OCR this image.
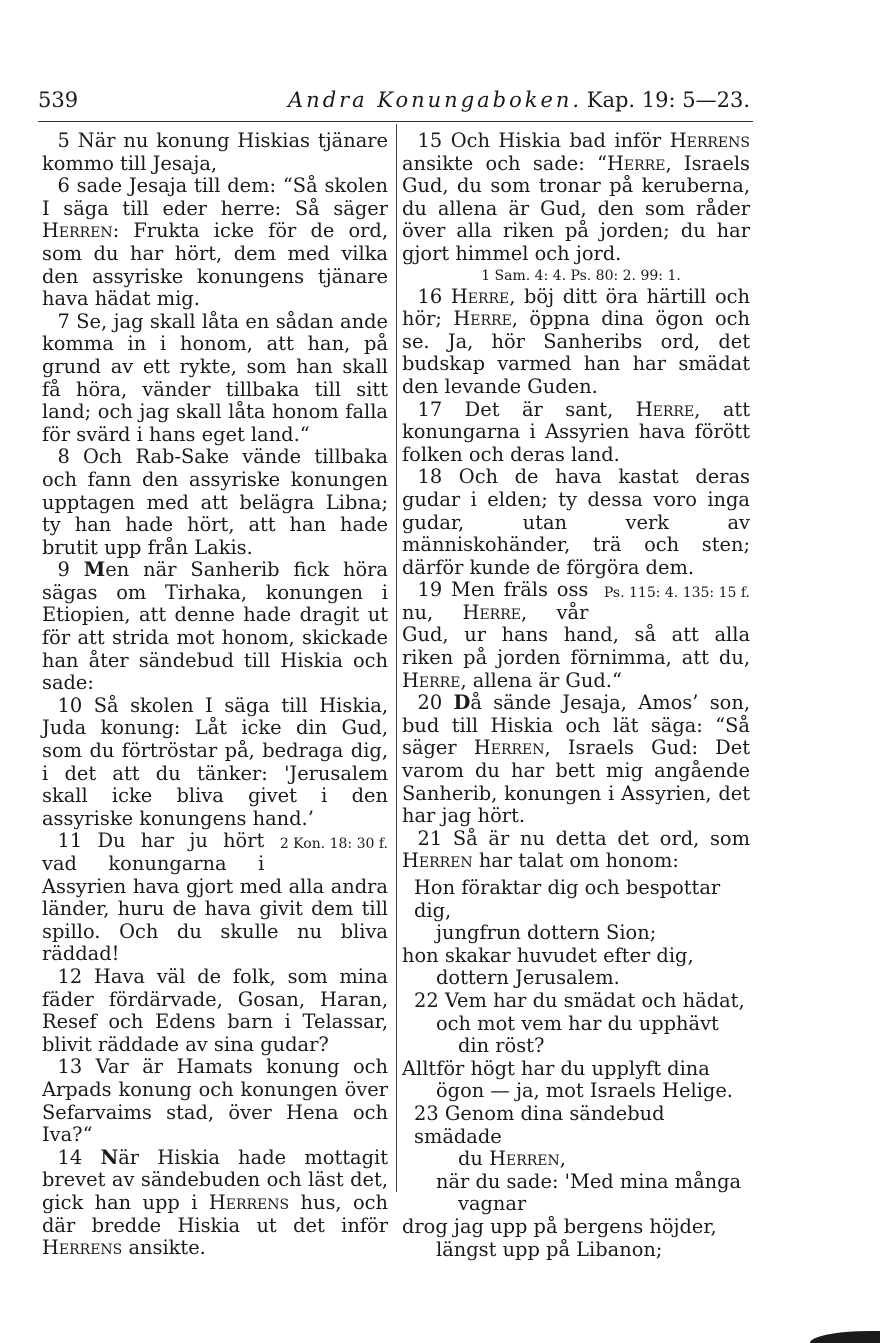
539	Andra Konungaboken. Kap. 19: 5—23.

5 När nu konung Hiskias tjänare kommo till Jesaja,

6 sade Jesaja till dem: “Så skolen I säga till eder herre: Så säger Herren: Frukta icke för de ord, som du har hört, dem med vilka den assyriske konungens tjänare hava hädat mig.

7 Se, jag skall låta en sådan ande komma in i honom, att han, på grund av ett rykte, som han skall få höra, vänder tillbaka till sitt land; och jag skall låta honom falla för svärd i hans eget land.“

8 Och Rab-Sake vände tillbaka och fann den assyriske konungen upptagen med att belägra Libna; ty han hade hört, att han hade brutit upp från Lakis.

9 Men när Sanherib fick höra sägas om Tirhaka, konungen i Etiopien, att denne hade dragit ut för att strida mot honom, skickade han åter sändebud till Hiskia och sade:

10 Så skolen I säga till Hiskia, Juda konung: Låt icke din Gud, som du förtröstar på, bedraga dig, i det att du tänker: 'Jerusalem skall icke bliva givet i den assyriske konungens hand.’
2 Kon. 18: 30 f.

11 Du har ju hört vad konungarna i Assyrien hava gjort med alla andra länder, huru de hava givit dem till spillo. Och du skulle nu bliva räddad!

12 Hava väl de folk, som mina fäder fördärvade, Gosan, Haran, Resef och Edens barn i Telassar, blivit räddade av sina gudar?

13 Var är Hamats konung och Arpads konung och konungen över Sefarvaims stad, över Hena och Iva?“

14 När Hiskia hade mottagit brevet av sändebuden och läst det, gick han upp i Herrens hus, och där bredde Hiskia ut det inför Herrens ansikte.

15 Och Hiskia bad inför Herrens ansikte och sade: “Herre, Israels Gud, du som tronar på keruberna, du allena är Gud, den som råder över alla riken på jorden; du har gjort himmel och jord.

1 Sam. 4: 4. Ps. 80: 2. 99: 1.

16 Herre, böj ditt öra härtill och hör; Herre, öppna dina ögon och se. Ja, hör Sanheribs ord, det budskap varmed han har smädat den levande Guden.

17 Det är sant, Herre, att konungarna i Assyrien hava förött folken och deras land.

18 Och de hava kastat deras gudar i elden; ty dessa voro inga gudar, utan verk av människohänder, trä och sten; därför kunde de förgöra dem.
Ps. 115: 4. 135: 15 f.

19 Men fräls oss nu, Herre, vår Gud, ur hans hand, så att alla riken på jorden förnimma, att du, Herre, allena är Gud.“

20 Då sände Jesaja, Amos’ son, bud till Hiskia och lät säga: “Så säger Herren, Israels Gud: Det varom du har bett mig angående Sanherib, konungen i Assyrien, det har jag hört.

21 Så är nu detta det ord, som Herren har talat om honom:

Hon föraktar dig och bespottar dig,
jungfrun dottern Sion;
hon skakar huvudet efter dig,
dottern Jerusalem.
22 Vem har du smädat och hädat,
och mot vem har du upphävt
din röst?
Alltför högt har du upplyft dina
ögon — ja, mot Israels Helige.
23 Genom dina sändebud smädade
du Herren,
när du sade: 'Med mina många
vagnar
drog jag upp på bergens höjder,
längst upp på Libanon;
